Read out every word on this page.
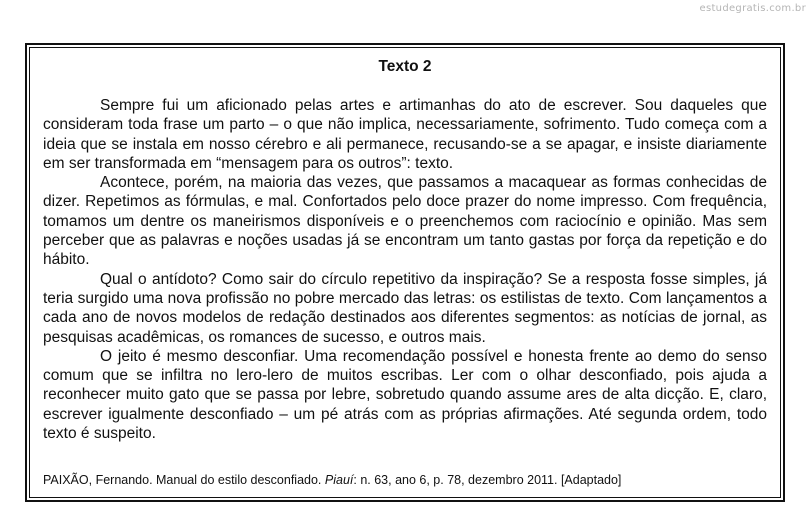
estudegratis.com.br
Texto 2

Sempre fui um aficionado pelas artes e artimanhas do ato de escrever. Sou daqueles que consideram toda frase um parto – o que não implica, necessariamente, sofrimento. Tudo começa com a ideia que se instala em nosso cérebro e ali permanece, recusando-se a se apagar, e insiste diariamente em ser transformada em “mensagem para os outros”: texto.

Acontece, porém, na maioria das vezes, que passamos a macaquear as formas conhecidas de dizer. Repetimos as fórmulas, e mal. Confortados pelo doce prazer do nome impresso. Com frequência, tomamos um dentre os maneirismos disponíveis e o preenchemos com raciocínio e opinião. Mas sem perceber que as palavras e noções usadas já se encontram um tanto gastas por força da repetição e do hábito.

Qual o antídoto? Como sair do círculo repetitivo da inspiração? Se a resposta fosse simples, já teria surgido uma nova profissão no pobre mercado das letras: os estilistas de texto. Com lançamentos a cada ano de novos modelos de redação destinados aos diferentes segmentos: as notícias de jornal, as pesquisas acadêmicas, os romances de sucesso, e outros mais.

O jeito é mesmo desconfiar. Uma recomendação possível e honesta frente ao demo do senso comum que se infiltra no lero-lero de muitos escribas. Ler com o olhar desconfiado, pois ajuda a reconhecer muito gato que se passa por lebre, sobretudo quando assume ares de alta dicção. E, claro, escrever igualmente desconfiado – um pé atrás com as próprias afirmações. Até segunda ordem, todo texto é suspeito.

PAIXÃO, Fernando. Manual do estilo desconfiado. Piauí: n. 63, ano 6, p. 78, dezembro 2011. [Adaptado]
